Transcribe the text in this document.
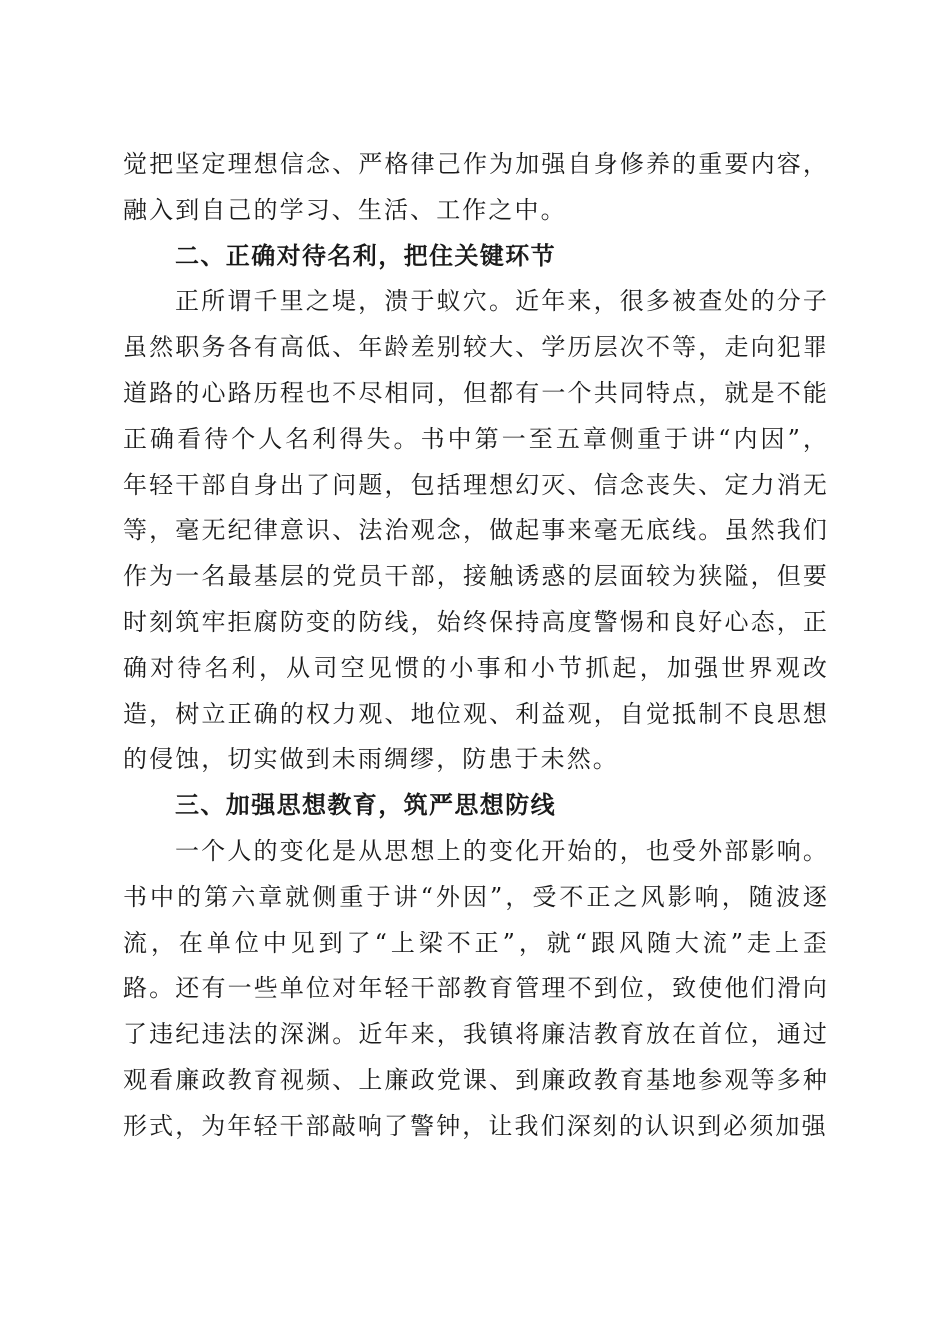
觉把坚定理想信念、严格律己作为加强自身修养的重要内容，融入到自己的学习、生活、工作之中。

二、正确对待名利，把住关键环节

正所谓千里之堤，溃于蚁穴。近年来，很多被查处的分子虽然职务各有高低、年龄差别较大、学历层次不等，走向犯罪道路的心路历程也不尽相同，但都有一个共同特点，就是不能正确看待个人名利得失。书中第一至五章侧重于讲“内因”，年轻干部自身出了问题，包括理想幻灭、信念丧失、定力消无等，毫无纪律意识、法治观念，做起事来毫无底线。虽然我们作为一名最基层的党员干部，接触诱惑的层面较为狭隘，但要时刻筑牢拒腐防变的防线，始终保持高度警惕和良好心态，正确对待名利，从司空见惯的小事和小节抓起，加强世界观改造，树立正确的权力观、地位观、利益观，自觉抵制不良思想的侵蚀，切实做到未雨绸缪，防患于未然。

三、加强思想教育，筑严思想防线

一个人的变化是从思想上的变化开始的，也受外部影响。书中的第六章就侧重于讲“外因”，受不正之风影响，随波逐流，在单位中见到了“上梁不正”，就“跟风随大流”走上歪路。还有一些单位对年轻干部教育管理不到位，致使他们滑向了违纪违法的深渊。近年来，我镇将廉洁教育放在首位，通过观看廉政教育视频、上廉政党课、到廉政教育基地参观等多种形式，为年轻干部敲响了警钟，让我们深刻的认识到必须加强
